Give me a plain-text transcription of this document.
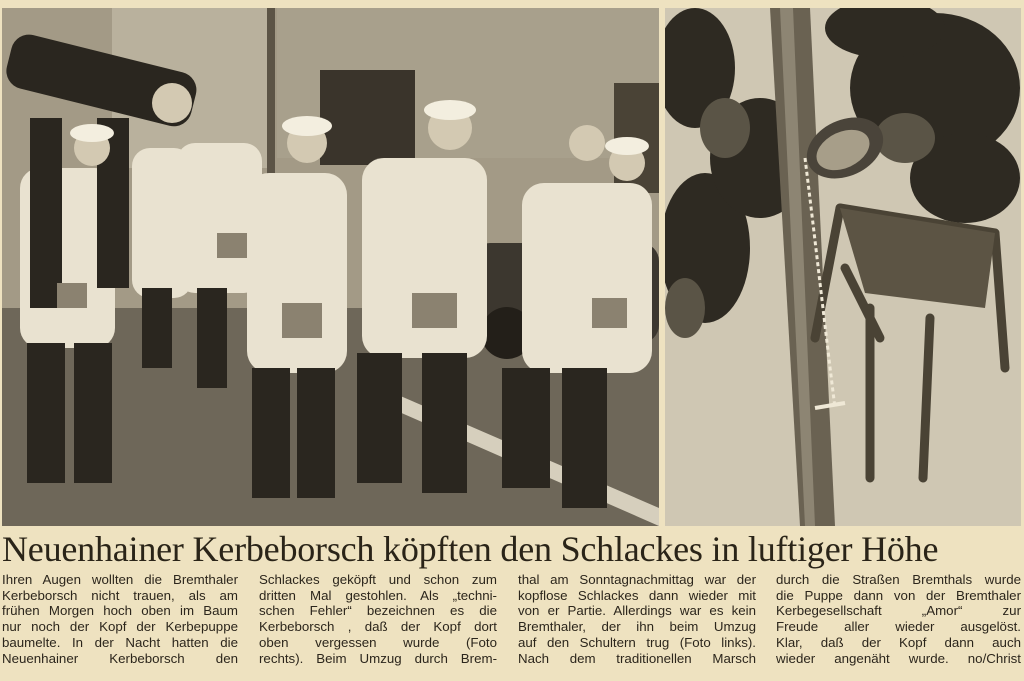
Neuenhainer Kerbeborsch köpften den Schlackes in luftiger Höhe
Ihren Augen wollten die Bremthaler
Kerbeborsch nicht trauen, als am
frühen Morgen hoch oben im Baum
nur noch der Kopf der Kerbepuppe
baumelte. In der Nacht hatten die
Neuenhainer Kerbeborsch den
Schlackes geköpft und schon zum
dritten Mal gestohlen. Als „techni-
schen Fehler“ bezeichnen es die
Kerbeborsch , daß der Kopf dort
oben vergessen wurde (Foto
rechts). Beim Umzug durch Brem-
thal am Sonntagnachmittag war der
kopflose Schlackes dann wieder mit
von er Partie. Allerdings war es kein
Bremthaler, der ihn beim Umzug
auf den Schultern trug (Foto links).
Nach dem traditionellen Marsch
durch die Straßen Bremthals wurde
die Puppe dann von der Bremthaler
Kerbegesellschaft „Amor“ zur
Freude aller wieder ausgelöst.
Klar, daß der Kopf dann auch
wieder angenäht wurde. no/Christ
